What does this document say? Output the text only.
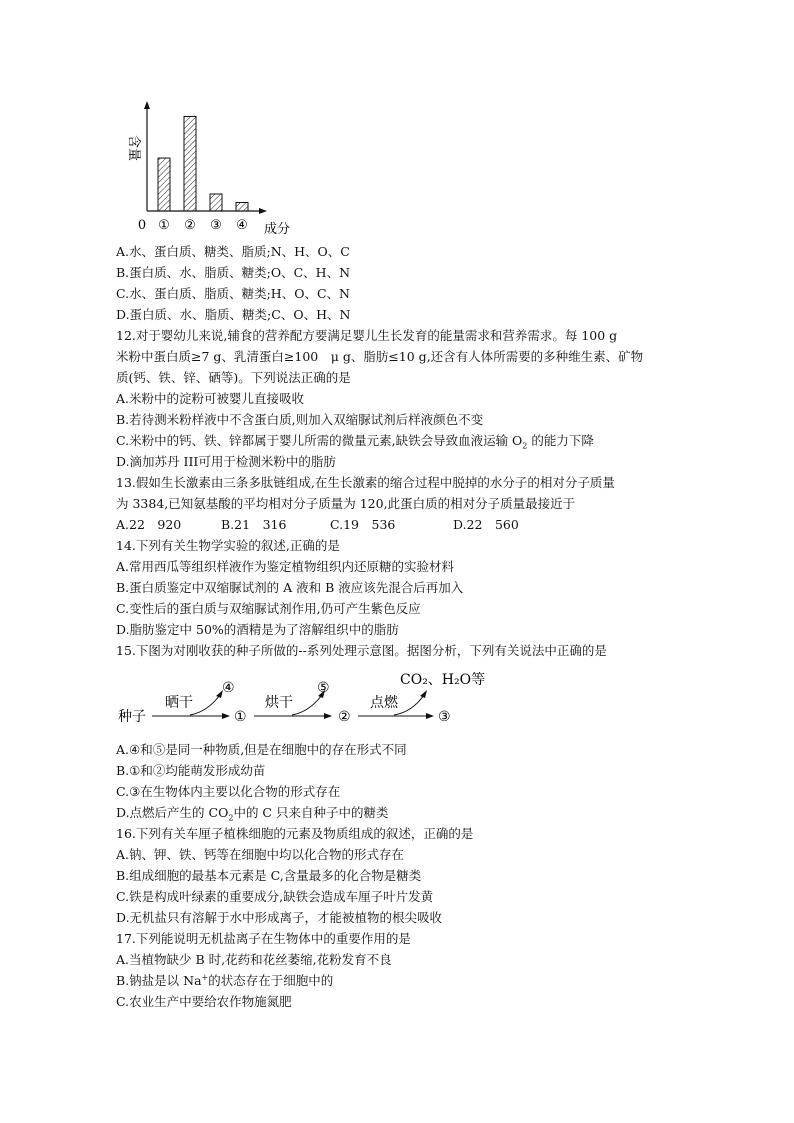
① ② ③ ④
含量
0	成分
A.水、蛋白质、糖类、脂质;N、H、O、C
B.蛋白质、水、脂质、糖类;O、C、H、N
C.水、蛋白质、脂质、糖类;H、O、C、N
D.蛋白质、水、脂质、糖类;C、O、H、N
12.对于婴幼儿来说,辅食的营养配方要满足婴儿生长发育的能量需求和营养需求。每 100 g
米粉中蛋白质≥7 g、乳清蛋白≥100　μ g、脂肪≤10 g,还含有人体所需要的多种维生素、矿物
质(钙、铁、锌、硒等)。下列说法正确的是
A.米粉中的淀粉可被婴儿直接吸收
B.若待测米粉样液中不含蛋白质,则加入双缩脲试剂后样液颜色不变
C.米粉中的钙、铁、锌都属于婴儿所需的微量元素,缺铁会导致血液运输 $O_2$ 的能力下降
D.滴加苏丹 III可用于检测米粉中的脂肪
13.假如生长激素由三条多肽链组成,在生长激素的缩合过程中脱掉的水分子的相对分子质量
为 3384,已知氨基酸的平均相对分子质量为 120,此蛋白质的相对分子质量最接近于
A.22　920	B.21　316	C.19　536	D.22　560
14.下列有关生物学实验的叙述,正确的是
A.常用西瓜等组织样液作为鉴定植物组织内还原糖的实验材料
B.蛋白质鉴定中双缩脲试剂的 A 液和 B 液应该先混合后再加入
C.变性后的蛋白质与双缩脲试剂作用,仍可产生紫色反应
D.脂肪鉴定中 50%的酒精是为了溶解组织中的脂肪
15.下图为对刚收获的种子所做的--系列处理示意图。据图分析，下列有关说法中正确的是
种子
晒干
④
①
烘干
⑤
②
点燃
CO₂、H₂O等
③
A.④和⑤是同一种物质,但是在细胞中的存在形式不同
B.①和②均能萌发形成幼苗
C.③在生物体内主要以化合物的形式存在
D.点燃后产生的 $CO_2$中的 C 只来自种子中的糖类
16.下列有关车厘子植株细胞的元素及物质组成的叙述，正确的是
A.钠、钾、铁、钙等在细胞中均以化合物的形式存在
B.组成细胞的最基本元素是 C,含量最多的化合物是糖类
C.铁是构成叶绿素的重要成分,缺铁会造成车厘子叶片发黄
D.无机盐只有溶解于水中形成离子，才能被植物的根尖吸收
17.下列能说明无机盐离子在生物体中的重要作用的是
A.当植物缺少 B 时,花药和花丝萎缩,花粉发育不良
B.钠盐是以 Na+的状态存在于细胞中的
C.农业生产中要给农作物施氮肥
